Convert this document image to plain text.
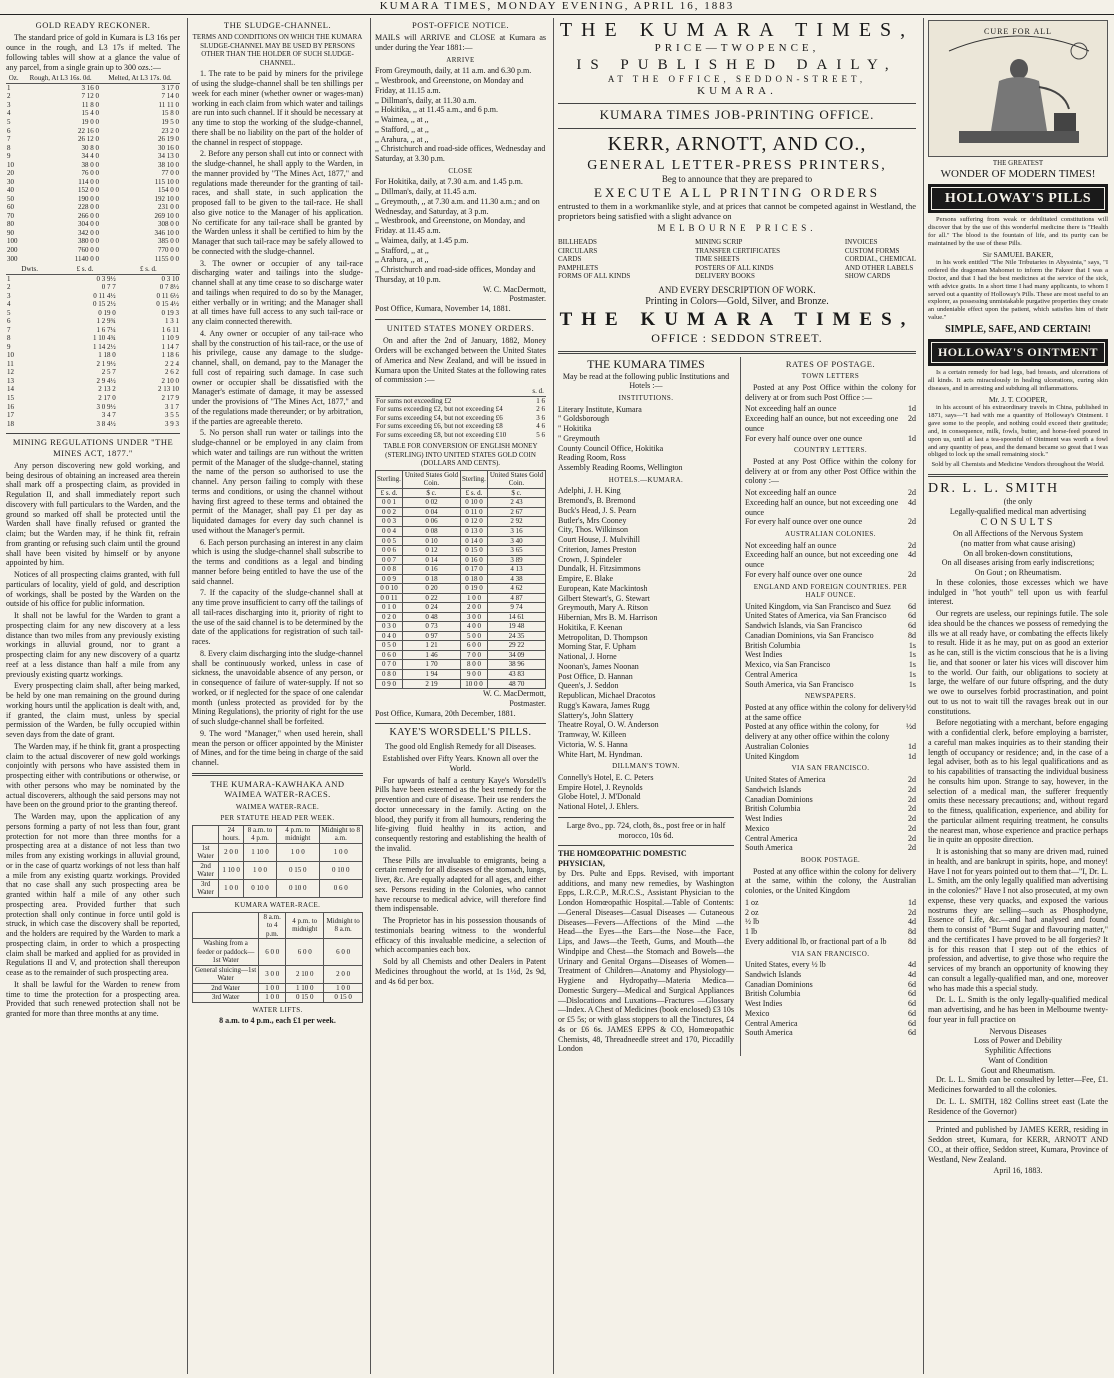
KUMARA TIMES, MONDAY EVENING, APRIL 16, 1883
GOLD READY RECKONER.

The standard price of gold in Kumara is L3 16s per ounce in the rough, and L3 17s if melted. The following tables will show at a glance the value of any parcel, from a single grain up to 300 ozs.:—

Oz.	Rough, At L3 16s. 0d.	Melted, At L3 17s. 0d.
1	3 16 0	3 17 0
2	7 12 0	7 14 0
3	11 8 0	11 11 0
4	15 4 0	15 8 0
5	19 0 0	19 5 0
6	22 16 0	23 2 0
7	26 12 0	26 19 0
8	30 8 0	30 16 0
9	34 4 0	34 13 0
10	38 0 0	38 10 0
20	76 0 0	77 0 0
30	114 0 0	115 10 0
40	152 0 0	154 0 0
50	190 0 0	192 10 0
60	228 0 0	231 0 0
70	266 0 0	269 10 0
80	304 0 0	308 0 0
90	342 0 0	346 10 0
100	380 0 0	385 0 0
200	760 0 0	770 0 0
300	1140 0 0	1155 0 0
Dwts.	£ s. d.	£ s. d.
1	0 3 9½	0 3 10
2	0 7 7	0 7 8½
3	0 11 4½	0 11 6½
4	0 15 2½	0 15 4½
5	0 19 0	0 19 3
6	1 2 9¾	1 3 1
7	1 6 7¼	1 6 11
8	1 10 4¾	1 10 9
9	1 14 2½	1 14 7
10	1 18 0	1 18 6
11	2 1 9½	2 2 4
12	2 5 7	2 6 2
13	2 9 4½	2 10 0
14	2 13 2	2 13 10
15	2 17 0	2 17 9
16	3 0 9½	3 1 7
17	3 4 7	3 5 5
18	3 8 4½	3 9 3
MINING REGULATIONS UNDER "THE MINES ACT, 1877."

Any person discovering new gold working, and being desirous of obtaining an increased area therein shall mark off a prospecting claim, as provided in Regulation II, and shall immediately report such discovery with full particulars to the Warden, and the ground so marked off shall be protected until the Warden shall have finally refused or granted the claim; but the Warden may, if he think fit, refrain from granting or refusing such claim until the ground shall have been visited by himself or by anyone appointed by him.

Notices of all prospecting claims granted, with full particulars of locality, yield of gold, and description of workings, shall be posted by the Warden on the outside of his office for public information.

It shall not be lawful for the Warden to grant a prospecting claim for any new discovery at a less distance than two miles from any previously existing workings in alluvial ground, nor to grant a prospecting claim for any new discovery of a quartz reef at a less distance than half a mile from any previously existing quartz workings.

Every prospecting claim shall, after being marked, be held by one man remaining on the ground during working hours until the application is dealt with, and, if granted, the claim must, unless by special permission of the Warden, be fully occupied within seven days from the date of grant.

The Warden may, if he think fit, grant a prospecting claim to the actual discoverer of new gold workings conjointly with persons who have assisted them in prospecting either with contributions or otherwise, or with other persons who may be nominated by the actual discoverers, although the said persons may not have been on the ground prior to the granting thereof.

The Warden may, upon the application of any persons forming a party of not less than four, grant protection for not more than three months for a prospecting area at a distance of not less than two miles from any existing workings in alluvial ground, or in the case of quartz workings of not less than half a mile from any existing quartz workings. Provided that no case shall any such prospecting area be granted within half a mile of any other such prospecting area. Provided further that such protection shall only continue in force until gold is struck, in which case the discovery shall be reported, and the holders are required by the Warden to mark a prospecting claim, in order to which a prospecting claim shall be marked and applied for as provided in Regulations II and V, and protection shall thereupon cease as to the remainder of such prospecting area.

It shall be lawful for the Warden to renew from time to time the protection for a prospecting area. Provided that such renewed protection shall not be granted for more than three months at any time.

THE SLUDGE-CHANNEL.

TERMS AND CONDITIONS ON WHICH THE KUMARA SLUDGE-CHANNEL MAY BE USED BY PERSONS OTHER THAN THE HOLDER OF SUCH SLUDGE-CHANNEL.

1. The rate to be paid by miners for the privilege of using the sludge-channel shall be ten shillings per week for each miner (whether owner or wages-man) working in each claim from which water and tailings are run into such channel. If it should be necessary at any time to stop the working of the sludge-channel, there shall be no liability on the part of the holder of the channel in respect of stoppage.

2. Before any person shall cut into or connect with the sludge-channel, he shall apply to the Warden, in the manner provided by "The Mines Act, 1877," and regulations made thereunder for the granting of tail-races, and shall state, in such application the proposed fall to be given to the tail-race. He shall also give notice to the Manager of his application. No certificate for any tail-race shall be granted by the Warden unless it shall be certified to him by the Manager that such tail-race may be safely allowed to be connected with the sludge-channel.

3. The owner or occupier of any tail-race discharging water and tailings into the sludge-channel shall at any time cease to so discharge water and tailings when required to do so by the Manager, either verbally or in writing; and the Manager shall at all times have full access to any such tail-race or any claim connected therewith.

4. Any owner or occupier of any tail-race who shall by the construction of his tail-race, or the use of his privilege, cause any damage to the sludge-channel, shall, on demand, pay to the Manager the full cost of repairing such damage. In case such owner or occupier shall be dissatisfied with the Manager's estimate of damage, it may be assessed under the provisions of "The Mines Act, 1877," and of the regulations made thereunder; or by arbitration, if the parties are agreeable thereto.

5. No person shall run water or tailings into the sludge-channel or be employed in any claim from which water and tailings are run without the written permit of the Manager of the sludge-channel, stating the name of the person so authorised to use the channel. Any person failing to comply with these terms and conditions, or using the channel without having first agreed to these terms and obtained the permit of the Manager, shall pay £1 per day as liquidated damages for every day such channel is used without the Manager's permit.

6. Each person purchasing an interest in any claim which is using the sludge-channel shall subscribe to the terms and conditions as a legal and binding manner before being entitled to have the use of the said channel.

7. If the capacity of the sludge-channel shall at any time prove insufficient to carry off the tailings of all tail-races discharging into it, priority of right to the use of the said channel is to be determined by the date of the applications for registration of such tail-races.

8. Every claim discharging into the sludge-channel shall be continuously worked, unless in case of sickness, the unavoidable absence of any person, or in consequence of failure of water-supply. If not so worked, or if neglected for the space of one calendar month (unless protected as provided for by the Mining Regulations), the priority of right for the use of such sludge-channel shall be forfeited.

9. The word "Manager," when used herein, shall mean the person or officer appointed by the Minister of Mines, and for the time being in charge of the said channel.

THE KUMARA-KAWHAKA AND WAIMEA WATER-RACES.
WAIMEA WATER-RACE.
PER STATUTE HEAD PER WEEK.
	24 hours.	8 a.m. to 4 p.m.	4 p.m. to midnight	Midnight to 8 a.m.
1st Water	2 0 0	1 10 0	1 0 0	1 0 0
2nd Water	1 10 0	1 0 0	0 15 0	0 10 0
3rd Water	1 0 0	0 10 0	0 10 0	0 6 0
KUMARA WATER-RACE.
	8 a.m. to 4 p.m.	4 p.m. to midnight	Midnight to 8 a.m.
Washing from a feeder or paddock—1st Water	6 0 0	6 0 0	6 0 0
General sluicing—1st Water	3 0 0	2 10 0	2 0 0
2nd Water	1 0 0	1 10 0	1 0 0
3rd Water	1 0 0	0 15 0	0 15 0
WATER LIFTS.
8 a.m. to 4 p.m., each £1 per week.
POST-OFFICE NOTICE.

MAILS will ARRIVE and CLOSE at Kumara as under during the Year 1881:—

ARRIVE
From Greymouth, daily, at 11 a.m. and 6.30 p.m.
,, Westbrook, and Greenstone, on Monday and Friday, at 11.15 a.m.
,, Dillman's, daily, at 11.30 a.m.
,, Hokitika, ,, at 11.45 a.m., and 6 p.m.
,, Waimea, ,, at ,,
,, Stafford, ,, at ,,
,, Arahura, ,, at ,,
,, Christchurch and road-side offices, Wednesday and Saturday, at 3.30 p.m.
CLOSE
For Hokitika, daily, at 7.30 a.m. and 1.45 p.m.
,, Dillman's, daily, at 11.45 a.m.
,, Greymouth, ,, at 7.30 a.m. and 11.30 a.m.; and on Wednesday, and Saturday, at 3 p.m.
,, Westbrook, and Greenstone, on Monday, and Friday. at 11.45 a.m.
,, Waimea, daily, at 1.45 p.m.
,, Stafford, ,, at ,,
,, Arahura, ,, at ,,
,, Christchurch and road-side offices, Monday and Thursday, at 10 p.m.
W. C. MacDermott,
Postmaster.
Post Office, Kumara, November 14, 1881.
UNITED STATES MONEY ORDERS.

On and after the 2nd of January, 1882, Money Orders will be exchanged between the United States of America and New Zealand, and will be issued in Kumara upon the United States at the following rates of commission :—

	s. d.
For sums not exceeding £2	1 6
For sums exceeding £2, but not exceeding £4	2 6
For sums exceeding £4, but not exceeding £6	3 6
For sums exceeding £6, but not exceeding £8	4 6
For sums exceeding £8, but not exceeding £10	5 6

TABLE FOR CONVERSION OF ENGLISH MONEY (STERLING) INTO UNITED STATES GOLD COIN (DOLLARS AND CENTS).

Sterling.	United States Gold Coin.	Sterling.	United States Gold Coin.
£ s. d.	$ c.	£ s. d.	$ c.
0 0 1	0 02	0 10 0	2 43
0 0 2	0 04	0 11 0	2 67
0 0 3	0 06	0 12 0	2 92
0 0 4	0 08	0 13 0	3 16
0 0 5	0 10	0 14 0	3 40
0 0 6	0 12	0 15 0	3 65
0 0 7	0 14	0 16 0	3 89
0 0 8	0 16	0 17 0	4 13
0 0 9	0 18	0 18 0	4 38
0 0 10	0 20	0 19 0	4 62
0 0 11	0 22	1 0 0	4 87
0 1 0	0 24	2 0 0	9 74
0 2 0	0 48	3 0 0	14 61
0 3 0	0 73	4 0 0	19 48
0 4 0	0 97	5 0 0	24 35
0 5 0	1 21	6 0 0	29 22
0 6 0	1 46	7 0 0	34 09
0 7 0	1 70	8 0 0	38 96
0 8 0	1 94	9 0 0	43 83
0 9 0	2 19	10 0 0	48 70
W. C. MacDermott,
Postmaster.
Post Office, Kumara, 20th December, 1881.
KAYE'S WORSDELL'S PILLS.

The good old English Remedy for all Diseases.

Established over Fifty Years. Known all over the World.

For upwards of half a century Kaye's Worsdell's Pills have been esteemed as the best remedy for the prevention and cure of disease. Their use renders the doctor unnecessary in the family. Acting on the blood, they purify it from all humours, rendering the life-giving fluid healthy in its action, and consequently restoring and establishing the health of the invalid.

These Pills are invaluable to emigrants, being a certain remedy for all diseases of the stomach, lungs, liver, &c. Are equally adapted for all ages, and either sex. Persons residing in the Colonies, who cannot have recourse to medical advice, will therefore find them indispensable.

The Proprietor has in his possession thousands of testimonials bearing witness to the wonderful efficacy of this invaluable medicine, a selection of which accompanies each box.

Sold by all Chemists and other Dealers in Patent Medicines throughout the world, at 1s 1½d, 2s 9d, and 4s 6d per box.

THE KUMARA TIMES,
PRICE—TWOPENCE,
IS PUBLISHED DAILY,
AT THE OFFICE, SEDDON-STREET,
KUMARA.
KUMARA TIMES JOB-PRINTING OFFICE.
KERR, ARNOTT, AND CO.,
GENERAL LETTER-PRESS PRINTERS,
Beg to announce that they are prepared to
EXECUTE ALL PRINTING ORDERS

entrusted to them in a workmanlike style, and at prices that cannot be competed against in Westland, the proprietors being satisfied with a slight advance on

MELBOURNE PRICES.
BILLHEADS
CIRCULARS
CARDS
PAMPHLETS
FORMS OF ALL KINDS
MINING SCRIP
TRANSFER CERTIFICATES
TIME SHEETS
POSTERS OF ALL KINDS
DELIVERY BOOKS
INVOICES
CUSTOM FORMS
CORDIAL, CHEMICAL
AND OTHER LABELS
SHOW CARDS
AND EVERY DESCRIPTION OF WORK.
Printing in Colors—Gold, Silver, and Bronze.
THE KUMARA TIMES,
OFFICE : SEDDON STREET.
THE KUMARA TIMES

May be read at the following public Institutions and Hotels :—

INSTITUTIONS.
Literary Institute, Kumara
" Goldsborough
" Hokitika
" Greymouth
County Council Office, Hokitika
Reading Room, Ross
Assembly Reading Rooms, Wellington
HOTELS.—KUMARA.
Adelphi, J. H. King
Bremond's, B. Bremond
Buck's Head, J. S. Pearn
Butler's, Mrs Cooney
City, Thos. Wilkinson
Court House, J. Mulvihill
Criterion, James Preston
Crown, J. Spindeler
Dundalk, H. Fitzsimmons
Empire, E. Blake
European, Kate Mackintosh
Gilbert Stewart's, G. Stewart
Greymouth, Mary A. Ritson
Hibernian, Mrs B. M. Harrison
Hokitika, F. Keenan
Metropolitan, D. Thompson
Morning Star, F. Upham
National, J. Horne
Noonan's, James Noonan
Post Office, D. Hannan
Queen's, J. Seddon
Republican, Michael Dracotos
Rugg's Kawara, James Rugg
Slattery's, John Slattery
Theatre Royal, O. W. Anderson
Tramway, W. Killeen
Victoria, W. S. Hanna
White Hart, M. Hyndman.
DILLMAN'S TOWN.
Connelly's Hotel, E. C. Peters
Empire Hotel, J. Reynolds
Globe Hotel, J. M'Donald
National Hotel, J. Ehlers.

Large 8vo., pp. 724, cloth, 8s., post free or in half morocco, 10s 6d.

THE HOMŒOPATHIC DOMESTIC PHYSICIAN,

by Drs. Pulte and Epps. Revised, with important additions, and many new remedies, by Washington Epps, L.R.C.P., M.R.C.S., Assistant Physician to the London Homœopathic Hospital.—Table of Contents:—General Diseases—Casual Diseases — Cutaneous Diseases—Fevers—Affections of the Mind —the Head—the Eyes—the Ears—the Nose—the Face, Lips, and Jaws—the Teeth, Gums, and Mouth—the Windpipe and Chest—the Stomach and Bowels—the Urinary and Genital Organs—Diseases of Women—Treatment of Children—Anatomy and Physiology—Hygiene and Hydropathy—Materia Medica—Domestic Surgery—Medical and Surgical Appliances —Dislocations and Luxations—Fractures —Glossary—Index. A Chest of Medicines (book enclosed) £3 10s or £5 5s; or with glass stoppers to all the Tinctures, £4 4s or £6 6s. JAMES EPPS & CO, Homœopathic Chemists, 48, Threadneedle street and 170, Piccadilly London

RATES OF POSTAGE.
TOWN LETTERS

Posted at any Post Office within the colony for delivery at or from such Post Office :—

Not exceeding half an ounce	1d
Exceeding half an ounce, but not exceeding one ounce
2d
For every half ounce over one ounce	1d
COUNTRY LETTERS.

Posted at any Post Office within the colony for delivery at or from any other Post Office within the colony :—

Not exceeding half an ounce	2d
Exceeding half an ounce, but not exceeding one ounce
4d
For every half ounce over one ounce	2d
AUSTRALIAN COLONIES.
Not exceeding half an ounce	2d
Exceeding half an ounce, but not exceeding one ounce
4d
For every half ounce over one ounce	2d
ENGLAND AND FOREIGN COUNTRIES. PER HALF OUNCE.
United Kingdom, via San Francisco and Suez 6d
United States of America, via San Francisco	6d
Sandwich Islands, via San Francisco	6d
Canadian Dominions, via San Francisco	8d
British Columbia	1s
West Indies	1s
Mexico, via San Francisco	1s
Central America	1s
South America, via San Francisco	1s
NEWSPAPERS.
Posted at any office within the colony for delivery at the same office
½d
Posted at any office within the colony, for delivery at any other office within the colony
½d
Australian Colonies	1d
United Kingdom	1d
VIA SAN FRANCISCO.
United States of America	2d
Sandwich Islands	2d
Canadian Dominions	2d
British Columbia	2d
West Indies	2d
Mexico	2d
Central America	2d
South America	2d
BOOK POSTAGE.

Posted at any office within the colony for delivery at the same, within the colony, the Australian colonies, or the United Kingdom

1 oz	1d
2 oz	2d
½ lb	4d
1 lb	8d
Every additional lb, or fractional part of a lb	8d
VIA SAN FRANCISCO.
United States, every ½ lb	4d
Sandwich Islands	4d
Canadian Dominions	6d
British Columbia	6d
West Indies	6d
Mexico	6d
Central America	6d
South America	6d
CURE FOR ALL
THE GREATEST
WONDER OF MODERN TIMES!
HOLLOWAY'S PILLS

Persons suffering from weak or debilitated constitutions will discover that by the use of this wonderful medicine there is "Health for all." The blood is the fountain of life, and its purity can be maintained by the use of these Pills.

Sir SAMUEL BAKER,

in his work entitled "The Nile Tributaries in Abyssinia," says, "I ordered the dragoman Mahomet to inform the Fakeer that I was a Doctor, and that I had the best medicines at the service of the sick, with advice gratis. In a short time I had many applicants, to whom I served out a quantity of Holloway's Pills. These are most useful to an explorer, as possessing unmistakable purgative properties they create an undeniable effect upon the patient, which satisfies him of their value."

SIMPLE, SAFE, AND CERTAIN!
HOLLOWAY'S OINTMENT

Is a certain remedy for bad legs, bad breasts, and ulcerations of all kinds. It acts miraculously in healing ulcerations, curing skin diseases, and in arresting and subduing all inflammations.

Mr. J. T. COOPER,

in his account of his extraordinary travels in China, published in 1871, says—"I had with me a quantity of Holloway's Ointment. I gave some to the people, and nothing could exceed their gratitude; and, in consequence, milk, fowls, butter, and horse-feed poured in upon us, until at last a tea-spoonful of Ointment was worth a fowl and any quantity of peas, and the demand became so great that I was obliged to lock up the small remaining stock."

Sold by all Chemists and Medicine Vendors throughout the World.

DR. L. L. SMITH
(the only
Legally-qualified medical man advertising
CONSULTS
On all Affections of the Nervous System
(no matter from what cause arising)
On all broken-down constitutions,
On all diseases arising from early indiscretions;
On Gout ; on Rheumatism.

In these colonies, those excesses which we have indulged in "hot youth" tell upon us with fearful interest.

Our regrets are useless, our repinings futile. The sole idea should be the chances we possess of remedying the ills we at all ready have, or combating the effects likely to result. Hide it as he may, put on as good an exterior as he can, still is the victim conscious that he is a living lie, and that sooner or later his vices will discover him to the world. Our faith, our obligations to society at large, the welfare of our future offspring, and the duty we owe to ourselves forbid procrastination, and point out to us not to wait till the ravages break out in our constitutions.

Before negotiating with a merchant, before engaging with a confidential clerk, before employing a barrister, a careful man makes inquiries as to their standing their length of occupancy or residence; and, in the case of a legal adviser, both as to his legal qualifications and as to his capabilities of transacting the individual business he consults him upon. Strange to say, however, in the selection of a medical man, the sufferer frequently omits these necessary precautions; and, without regard to the fitness, qualification, experience, and ability for the particular ailment requiring treatment, he consults the nearest man, whose experience and practice perhaps lie in quite an opposite direction.

It is astonishing that so many are driven mad, ruined in health, and are bankrupt in spirits, hope, and money! Have I not for years pointed out to them that—"I, Dr. L. L. Smith, am the only legally qualified man advertising in the colonies?" Have I not also prosecuted, at my own expense, these very quacks, and exposed the various nostrums they are selling—such as Phosphodyne, Essence of Life, &c.—and had analysed and found them to consist of "Burnt Sugar and flavouring matter," and the certificates I have proved to be all forgeries? It is for this reason that I step out of the ethics of profession, and advertise, to give those who require the services of my branch an opportunity of knowing they can consult a legally-qualified man, and one, moreover who has made this a special study.

Dr. L. L. Smith is the only legally-qualified medical man advertising, and he has been in Melbourne twenty-four year in full practice on

Nervous Diseases
Loss of Power and Debility
Syphilitic Affections
Want of Condition
Gout and Rheumatism.

Dr. L. L. Smith can be consulted by letter—Fee, £1. Medicines forwarded to all the colonies.

Dr. L. L. SMITH, 182 Collins street east (Late the Residence of the Governor)

Printed and published by JAMES KERR, residing in Seddon street, Kumara, for KERR, ARNOTT AND CO., at their office, Seddon street, Kumara, Province of Westland, New Zealand.

April 16, 1883.
